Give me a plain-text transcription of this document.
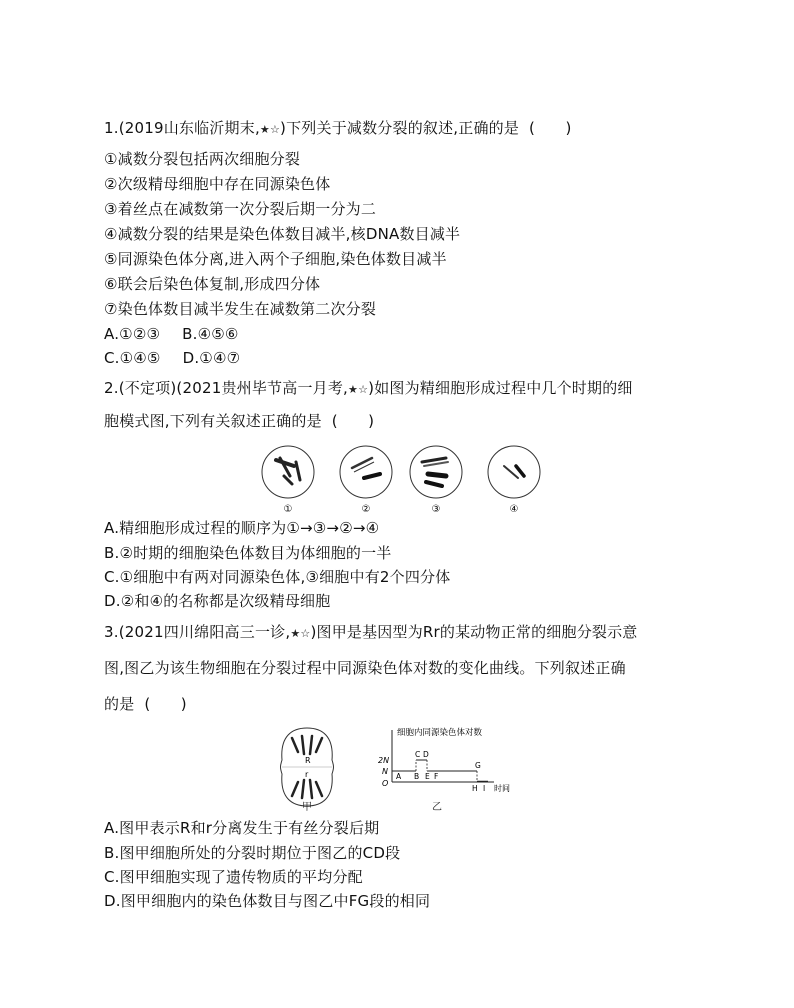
1.(2019山东临沂期末,★☆)下列关于减数分裂的叙述,正确的是 (　　)
①减数分裂包括两次细胞分裂
②次级精母细胞中存在同源染色体
③着丝点在减数第一次分裂后期一分为二
④减数分裂的结果是染色体数目减半,核DNA数目减半
⑤同源染色体分离,进入两个子细胞,染色体数目减半
⑥联会后染色体复制,形成四分体
⑦染色体数目减半发生在减数第二次分裂
A.①②③ B.④⑤⑥
C.①④⑤ D.①④⑦
2.(不定项)(2021贵州毕节高一月考,★☆)如图为精细胞形成过程中几个时期的细
胞模式图,下列有关叙述正确的是 (　　)
①	②	③	④
A.精细胞形成过程的顺序为①→③→②→④
B.②时期的细胞染色体数目为体细胞的一半
C.①细胞中有两对同源染色体,③细胞中有2个四分体
D.②和④的名称都是次级精母细胞
3.(2021四川绵阳高三一诊,★☆)图甲是基因型为Rr的某动物正常的细胞分裂示意
图,图乙为该生物细胞在分裂过程中同源染色体对数的变化曲线。下列叙述正确
的是 (　　)
R
r
甲
细胞内同源染色体对数
2N
N
O
A B
C D
E F
G
H I 时间
乙
A.图甲表示R和r分离发生于有丝分裂后期
B.图甲细胞所处的分裂时期位于图乙的CD段
C.图甲细胞实现了遗传物质的平均分配
D.图甲细胞内的染色体数目与图乙中FG段的相同
